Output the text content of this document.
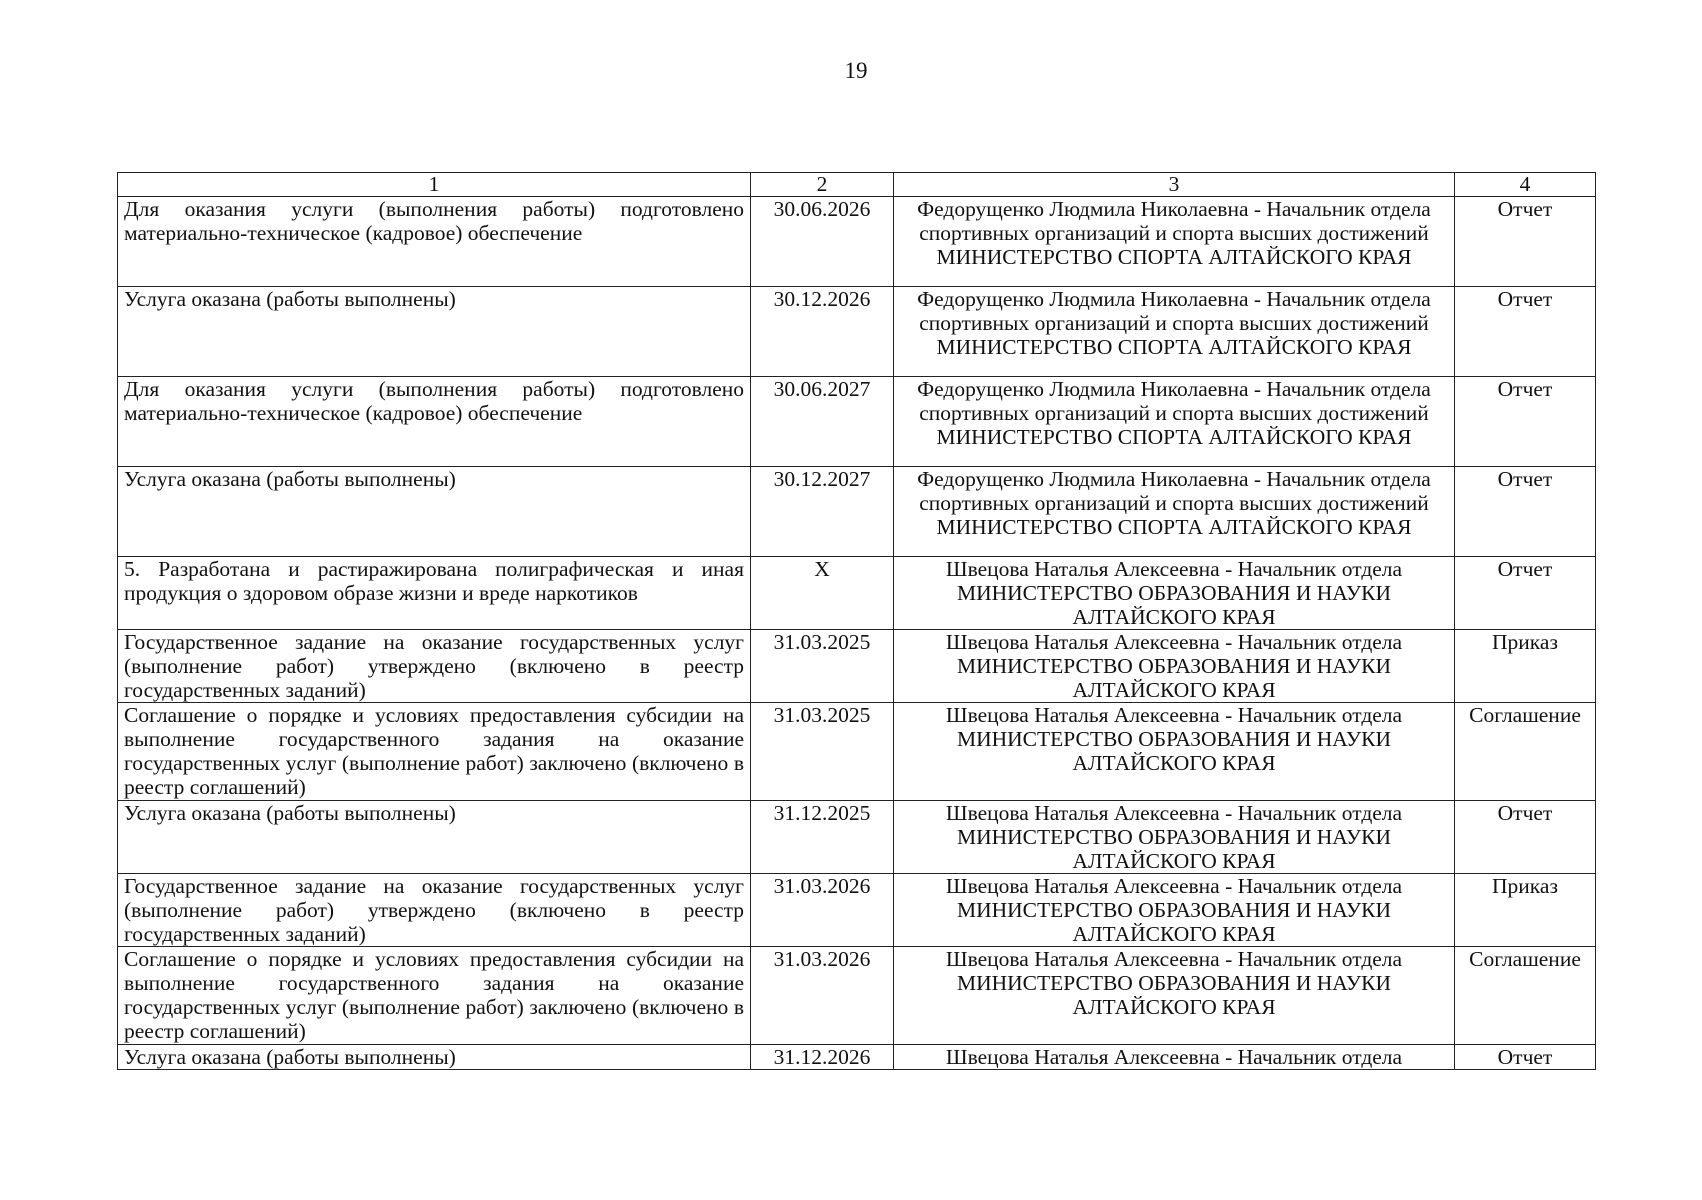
19
1	2	3	4
Для оказания услуги (выполнения работы) подготовлено материально-техническое (кадровое) обеспечение	30.06.2026	Федорущенко Людмила Николаевна - Начальник отдела спортивных организаций и спорта высших достижений
МИНИСТЕРСТВО СПОРТА АЛТАЙСКОГО КРАЯ	Отчет
Услуга оказана (работы выполнены)	30.12.2026	Федорущенко Людмила Николаевна - Начальник отдела спортивных организаций и спорта высших достижений
МИНИСТЕРСТВО СПОРТА АЛТАЙСКОГО КРАЯ	Отчет
Для оказания услуги (выполнения работы) подготовлено материально-техническое (кадровое) обеспечение	30.06.2027	Федорущенко Людмила Николаевна - Начальник отдела спортивных организаций и спорта высших достижений
МИНИСТЕРСТВО СПОРТА АЛТАЙСКОГО КРАЯ	Отчет
Услуга оказана (работы выполнены)	30.12.2027	Федорущенко Людмила Николаевна - Начальник отдела спортивных организаций и спорта высших достижений
МИНИСТЕРСТВО СПОРТА АЛТАЙСКОГО КРАЯ	Отчет
5. Разработана и растиражирована полиграфическая и иная продукция о здоровом образе жизни и вреде наркотиков	X	Швецова Наталья Алексеевна - Начальник отдела
МИНИСТЕРСТВО ОБРАЗОВАНИЯ И НАУКИ АЛТАЙСКОГО КРАЯ	Отчет
Государственное задание на оказание государственных услуг (выполнение работ) утверждено (включено в реестр государственных заданий)	31.03.2025	Швецова Наталья Алексеевна - Начальник отдела
МИНИСТЕРСТВО ОБРАЗОВАНИЯ И НАУКИ АЛТАЙСКОГО КРАЯ	Приказ
Соглашение о порядке и условиях предоставления субсидии на выполнение государственного задания на оказание государственных услуг (выполнение работ) заключено (включено в реестр соглашений)	31.03.2025	Швецова Наталья Алексеевна - Начальник отдела
МИНИСТЕРСТВО ОБРАЗОВАНИЯ И НАУКИ АЛТАЙСКОГО КРАЯ	Соглашение
Услуга оказана (работы выполнены)	31.12.2025	Швецова Наталья Алексеевна - Начальник отдела
МИНИСТЕРСТВО ОБРАЗОВАНИЯ И НАУКИ АЛТАЙСКОГО КРАЯ	Отчет
Государственное задание на оказание государственных услуг (выполнение работ) утверждено (включено в реестр государственных заданий)	31.03.2026	Швецова Наталья Алексеевна - Начальник отдела
МИНИСТЕРСТВО ОБРАЗОВАНИЯ И НАУКИ АЛТАЙСКОГО КРАЯ	Приказ
Соглашение о порядке и условиях предоставления субсидии на выполнение государственного задания на оказание государственных услуг (выполнение работ) заключено (включено в реестр соглашений)	31.03.2026	Швецова Наталья Алексеевна - Начальник отдела
МИНИСТЕРСТВО ОБРАЗОВАНИЯ И НАУКИ АЛТАЙСКОГО КРАЯ	Соглашение
Услуга оказана (работы выполнены)	31.12.2026	Швецова Наталья Алексеевна - Начальник отдела	Отчет
